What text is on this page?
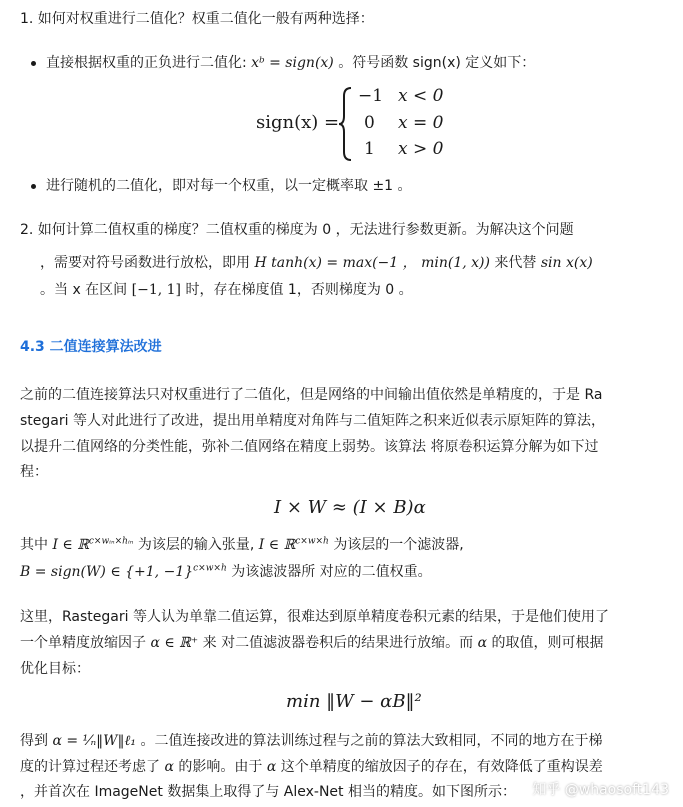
1. 如何对权重进行二值化？权重二值化一般有两种选择：
直接根据权重的正负进行二值化: xᵇ = sign(x) 。符号函数 sign(x) 定义如下：
sign(x) =
−1 x < 0
0 x = 0
1 x > 0
进行随机的二值化，即对每一个权重，以一定概率取 ±1 。
2. 如何计算二值权重的梯度？二值权重的梯度为 0 ，无法进行参数更新。为解决这个问题
，需要对符号函数进行放松，即用 H tanh(x) = max(−1 ， min(1, x)) 来代替 sin x(x)
。当 x 在区间 [−1, 1] 时，存在梯度值 1，否则梯度为 0 。
4.3 二值连接算法改进
之前的二值连接算法只对权重进行了二值化，但是网络的中间输出值依然是单精度的，于是 Ra
stegari 等人对此进行了改进，提出用单精度对角阵与二值矩阵之积来近似表示原矩阵的算法，
以提升二值网络的分类性能，弥补二值网络在精度上弱势。该算法 将原卷积运算分解为如下过
程：
I × W ≈ (I × B)α
其中 I ∈ ℝ$^{c\times wᵢ_n\times hᵢ_n}$ 为该层的输入张量, I ∈ ℝ$^{c\times w\times h}$ 为该层的一个滤波器,
B = sign(W) ∈ {+1, −1}$^{c\times w\times h}$ 为该滤波器所 对应的二值权重。
这里，Rastegari 等人认为单靠二值运算，很难达到原单精度卷积元素的结果，于是他们使用了
一个单精度放缩因子 α ∈ ℝ⁺ 来 对二值滤波器卷积后的结果进行放缩。而 α 的取值，则可根据
优化目标：
min ‖W − αB‖²
得到 α = ¹⁄ₙ‖W‖ℓ₁ 。二值连接改进的算法训练过程与之前的算法大致相同，不同的地方在于梯
度的计算过程还考虑了 α 的影响。由于 α 这个单精度的缩放因子的存在，有效降低了重构误差
，并首次在 ImageNet 数据集上取得了与 Alex-Net 相当的精度。如下图所示： 知乎 @whaosoft143
